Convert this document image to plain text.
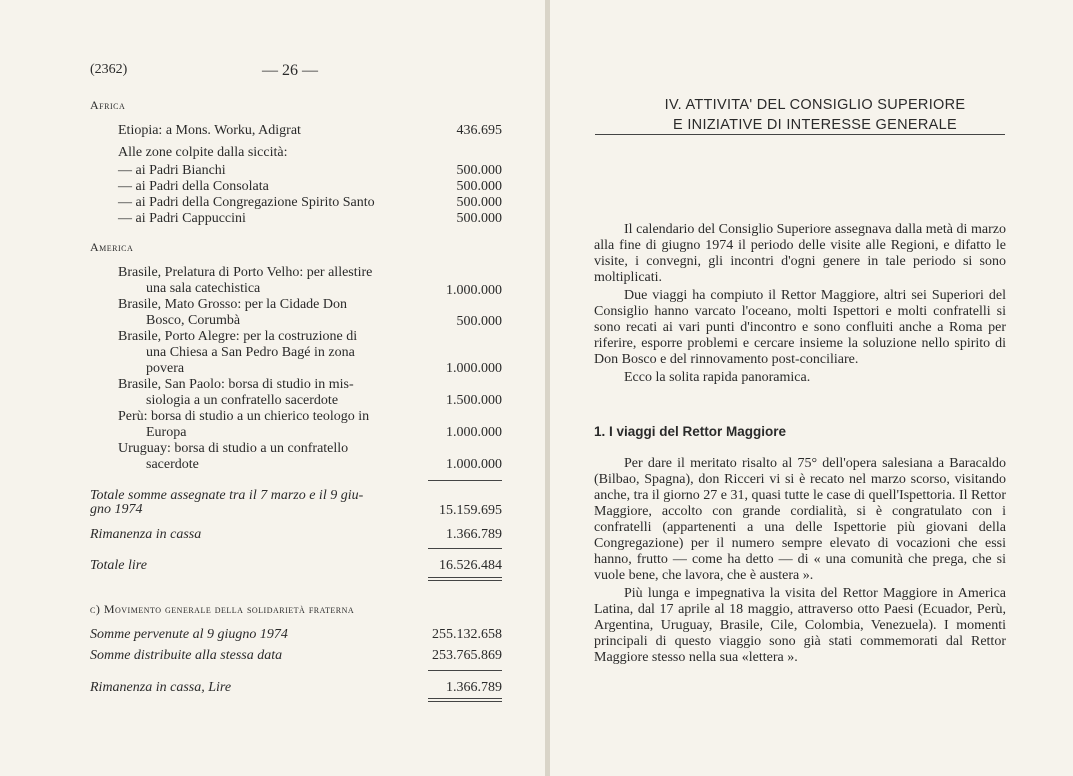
(2362)	— 26 —
Africa
Etiopia: a Mons. Worku, Adigrat	436.695
Alle zone colpite dalla siccità:
— ai Padri Bianchi	500.000
— ai Padri della Consolata	500.000
— ai Padri della Congregazione Spirito Santo	500.000
— ai Padri Cappuccini	500.000
America
Brasile, Prelatura di Porto Velho: per allestire
una sala catechistica	1.000.000
Brasile, Mato Grosso: per la Cidade Don
Bosco, Corumbà	500.000
Brasile, Porto Alegre: per la costruzione di
una Chiesa a San Pedro Bagé in zona
povera	1.000.000
Brasile, San Paolo: borsa di studio in mis-
siologia a un confratello sacerdote	1.500.000
Perù: borsa di studio a un chierico teologo in
Europa	1.000.000
Uruguay: borsa di studio a un confratello
sacerdote	1.000.000
Totale somme assegnate tra il 7 marzo e il 9 giu-
gno 1974	15.159.695
Rimanenza in cassa	1.366.789
Totale lire	16.526.484
c) Movimento generale della solidarietà fraterna
Somme pervenute al 9 giugno 1974	255.132.658
Somme distribuite alla stessa data	253.765.869
Rimanenza in cassa, Lire	1.366.789
IV. ATTIVITA' DEL CONSIGLIO SUPERIORE
E INIZIATIVE DI INTERESSE GENERALE

Il calendario del Consiglio Superiore assegnava dalla metà di marzo alla fine di giugno 1974 il periodo delle visite alle Regioni, e difatto le visite, i convegni, gli incontri d'ogni genere in tale periodo si sono moltiplicati.

Due viaggi ha compiuto il Rettor Maggiore, altri sei Superiori del Consiglio hanno varcato l'oceano, molti Ispettori e molti confratelli si sono recati ai vari punti d'incontro e sono confluiti anche a Roma per riferire, esporre problemi e cercare insieme la soluzione nello spirito di Don Bosco e del rinnovamento post-conciliare.

Ecco la solita rapida panoramica.

1. I viaggi del Rettor Maggiore

Per dare il meritato risalto al 75° dell'opera salesiana a Baracaldo (Bilbao, Spagna), don Ricceri vi si è recato nel marzo scorso, visitando anche, tra il giorno 27 e 31, quasi tutte le case di quell'Ispettoria. Il Rettor Maggiore, accolto con grande cordialità, si è congratulato con i confratelli (appartenenti a una delle Ispettorie più giovani della Congregazione) per il numero sempre elevato di vocazioni che essi hanno, frutto — come ha detto — di « una comunità che prega, che si vuole bene, che lavora, che è austera ».

Più lunga e impegnativa la visita del Rettor Maggiore in America Latina, dal 17 aprile al 18 maggio, attraverso otto Paesi (Ecuador, Perù, Argentina, Uruguay, Brasile, Cile, Colombia, Venezuela). I momenti principali di questo viaggio sono già stati commemorati dal Rettor Maggiore stesso nella sua «lettera ».
